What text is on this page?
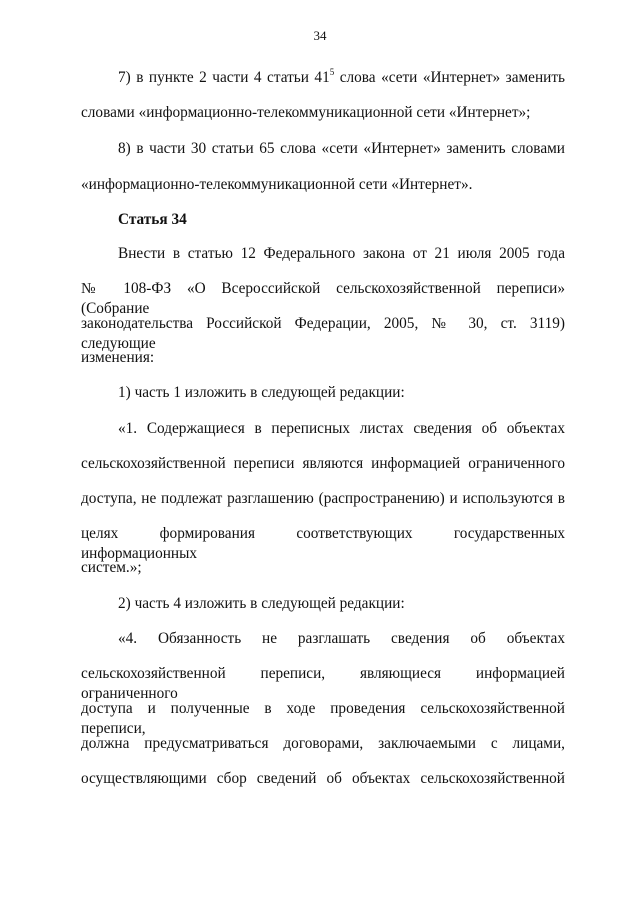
34
7) в пункте 2 части 4 статьи $41^5$ слова «сети «Интернет» заменить
словами «информационно-телекоммуникационной сети «Интернет»;
8) в части 30 статьи 65 слова «сети «Интернет» заменить словами
«информационно-телекоммуникационной сети «Интернет».
Статья 34
Внести в статью 12 Федерального закона от 21 июля 2005 года
№ 108-ФЗ «О Всероссийской сельскохозяйственной переписи» (Собрание
законодательства Российской Федерации, 2005, № 30, ст. 3119) следующие
изменения:
1) часть 1 изложить в следующей редакции:
«1. Содержащиеся в переписных листах сведения об объектах
сельскохозяйственной переписи являются информацией ограниченного
доступа, не подлежат разглашению (распространению) и используются в
целях формирования соответствующих государственных информационных
систем.»;
2) часть 4 изложить в следующей редакции:
«4. Обязанность не разглашать сведения об объектах
сельскохозяйственной переписи, являющиеся информацией ограниченного
доступа и полученные в ходе проведения сельскохозяйственной переписи,
должна предусматриваться договорами, заключаемыми с лицами,
осуществляющими сбор сведений об объектах сельскохозяйственной
